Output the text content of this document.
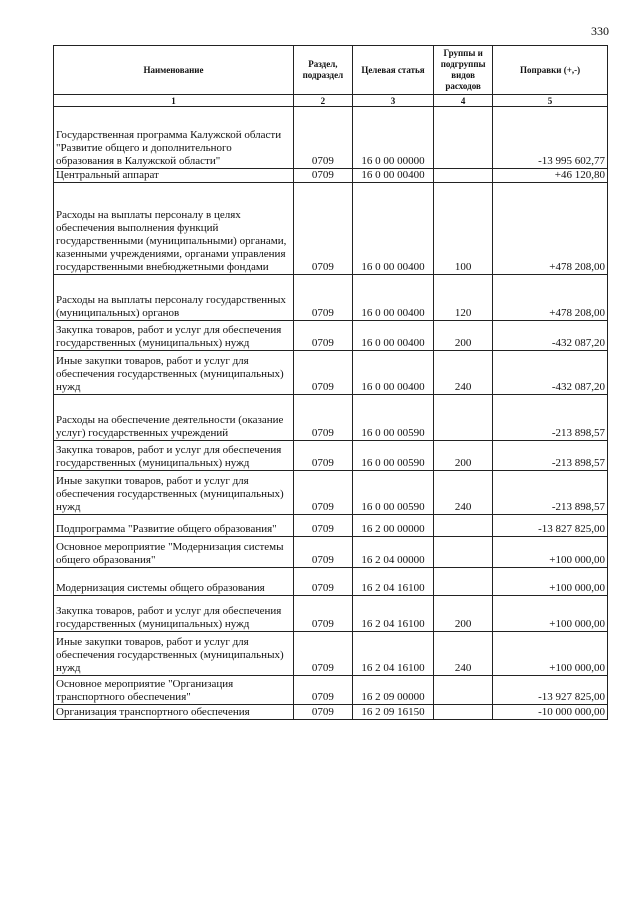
330
Наименование	Раздел, подраздел	Целевая статья	Группы и подгруппы видов расходов	Поправки (+,-)
1	2	3	4	5
Государственная программа Калужской области "Развитие общего и дополнительного образования в Калужской области"	0709	16 0 00 00000		-13 995 602,77
Центральный аппарат	0709	16 0 00 00400		+46 120,80
Расходы на выплаты персоналу в целях обеспечения выполнения функций государственными (муниципальными) органами, казенными учреждениями, органами управления государственными внебюджетными фондами	0709	16 0 00 00400	100	+478 208,00
Расходы на выплаты персоналу государственных (муниципальных) органов	0709	16 0 00 00400	120	+478 208,00
Закупка товаров, работ и услуг для обеспечения государственных (муниципальных) нужд	0709	16 0 00 00400	200	-432 087,20
Иные закупки товаров, работ и услуг для обеспечения государственных (муниципальных) нужд	0709	16 0 00 00400	240	-432 087,20
Расходы на обеспечение деятельности (оказание услуг) государственных учреждений	0709	16 0 00 00590		-213 898,57
Закупка товаров, работ и услуг для обеспечения государственных (муниципальных) нужд	0709	16 0 00 00590	200	-213 898,57
Иные закупки товаров, работ и услуг для обеспечения государственных (муниципальных) нужд	0709	16 0 00 00590	240	-213 898,57
Подпрограмма "Развитие общего образования"	0709	16 2 00 00000		-13 827 825,00
Основное мероприятие "Модернизация системы общего образования"	0709	16 2 04 00000		+100 000,00
Модернизация системы общего образования	0709	16 2 04 16100		+100 000,00
Закупка товаров, работ и услуг для обеспечения государственных (муниципальных) нужд	0709	16 2 04 16100	200	+100 000,00
Иные закупки товаров, работ и услуг для обеспечения государственных (муниципальных) нужд	0709	16 2 04 16100	240	+100 000,00
Основное мероприятие "Организация транспортного обеспечения"	0709	16 2 09 00000		-13 927 825,00
Организация транспортного обеспечения	0709	16 2 09 16150		-10 000 000,00
